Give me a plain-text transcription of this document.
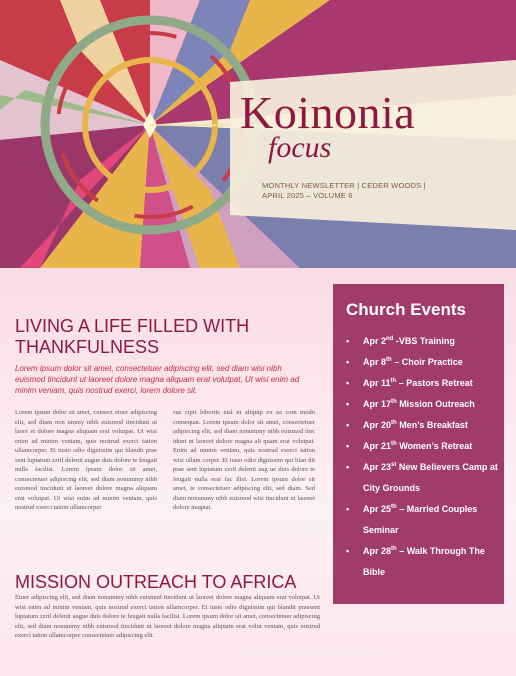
Koinonia
focus
MONTHLY NEWSLETTER | CEDER WOODS |
APRIL 2025 – VOLUME 6
LIVING A LIFE FILLED WITH
THANKFULNESS
Lorem ipsum dolor sit amet, consectetuer adipiscing elit, sed diam wisi nibh euismod tincidunt ut laoreet dolore magna aliquam erat volutpat, Ut wisi enim ad minim veniam, quis nostrud exerci, lorem dolore sit.
Lorem ipsum dolor sit amet, consect etuer adipiscing elit, sed diam non ummy nibh euismod tincidunt ut laore et dolore magna aliquam erat volutpat. Ut wisi enim ad minim veniam, quis nostrud exerci tation ullamcorper. Et iusto odio dignissim qui blandit prae sent luptatum zzril delenit augue duis dolore te feugait nulla facilisi. Lorem ipsum dolor sit amet, consectetuer adipiscing elit, sed diam nonummy nibh euismod tincidunt ut laoreet dolore magna aliquam erat volutpat. Ut wisi enim ad minim veniam, quis nostrud exerci tation ullamcorper
sus cipit lobortis nisl ut aliquip ex ea com modo consequat. Lorem ipsum dolor sit amet, consectetuer adipiscing elit, sed diam nonummy nibh euismod tinc idunt ut laoreet dolore magna ali quam erat volutpat. Enim ad minim veniam, quis nostrud exerci tation wisi ullam corper. Et iusto odio dignissim qui blan dit prae sent luptatum zzril delenit aug ue duis dolore te feugait nulla erat fac ilisi. Lorem ipsum dolor sit amet, te consectetuer adipiscing elit, sed diam. Sed diam nonummy nibh euismod wisi tincidunt ut laoreet dolore magnat.
MISSION OUTREACH TO AFRICA
Etuer adipiscing elit, sed diam nonummy nibh euismod tincidunt ut laoreet dolore magna aliquam erat volutpat. Ut wisi enim ad minim veniam, quis nostrud exerci tation ullamcorper. Et iusto odio dignissim qui blandit praesent luptatum zzril delenit augue duis dolore te feugait nulla facilisi. Lorem ipsum dolor sit amet, consectetuer adipiscing elit, sed diam nonummy nibh euismod tincidunt ut laoreet dolore magna aliquam erat volut veniam, quis nostrud exerci tation ullamcorper consectetuer adipiscing elit.
Church Events
• Apr 2nd -VBS Training
• Apr 8th – Choir Practice
• Apr 11th – Pastors Retreat
• Apr 17th Mission Outreach
• Apr 20th Men’s Breakfast
• Apr 21th Women’s Retreat
• Apr 23st New Believers Camp at City Grounds
• Apr 25th – Married Couples Seminar
• Apr 28th – Walk Through The Bible
